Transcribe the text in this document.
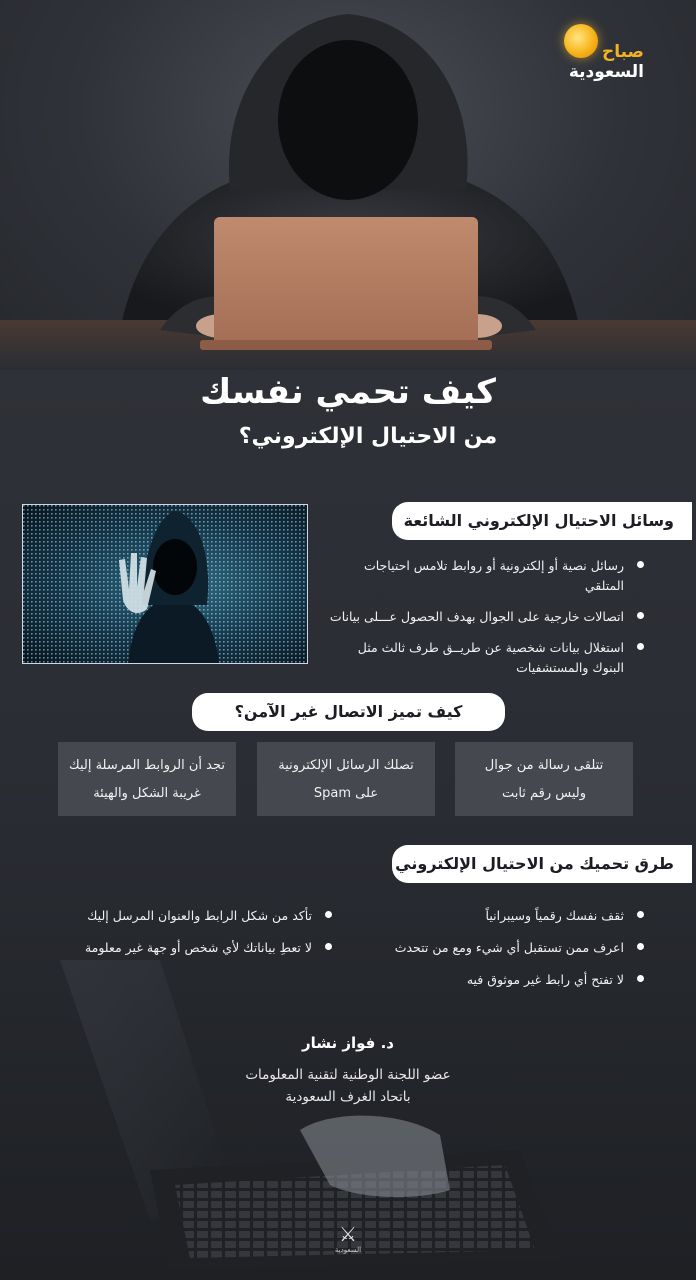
صباح
السعودية
كيف تحمي نفسك
من الاحتيال الإلكتروني؟
وسائل الاحتيال الإلكتروني الشائعة
رسائل نصية أو إلكترونية أو روابط تلامس احتياجات المتلقي
اتصالات خارجية على الجوال بهدف الحصول عـــلى بيانات
استغلال بيانات شخصية عن طريــق طرف ثالث مثل البنوك والمستشفيات
كيف تميز الاتصال غير الآمن؟
تتلقى رسالة من جوال
وليس رقم ثابت
تصلك الرسائل الإلكترونية
على Spam
تجد أن الروابط المرسلة إليك
غريبة الشكل والهيئة
طرق تحميك من الاحتيال الإلكتروني
ثقف نفسك رقمياً وسيبرانياً
اعرف ممن تستقبل أي شيء ومع من تتحدث
لا تفتح أي رابط غير موثوق فيه
تأكد من شكل الرابط والعنوان المرسل إليك
لا تعطِ بياناتك لأي شخص أو جهة غير معلومة
د. فواز نشار
عضو اللجنة الوطنية لتقنية المعلومات
باتحاد الغرف السعودية
⚔
السعودية
